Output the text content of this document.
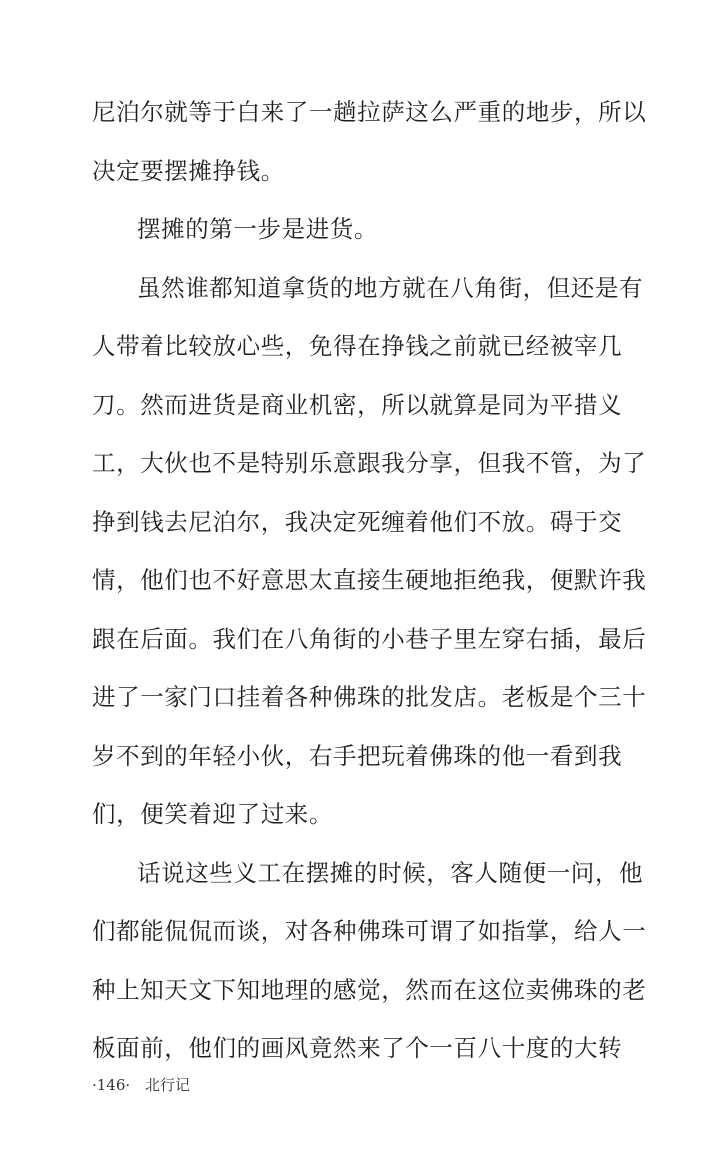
尼泊尔就等于白来了一趟拉萨这么严重的地步，所以
决定要摆摊挣钱。
摆摊的第一步是进货。
虽然谁都知道拿货的地方就在八角街，但还是有
人带着比较放心些，免得在挣钱之前就已经被宰几
刀。然而进货是商业机密，所以就算是同为平措义
工，大伙也不是特别乐意跟我分享，但我不管，为了
挣到钱去尼泊尔，我决定死缠着他们不放。碍于交
情，他们也不好意思太直接生硬地拒绝我，便默许我
跟在后面。我们在八角街的小巷子里左穿右插，最后
进了一家门口挂着各种佛珠的批发店。老板是个三十
岁不到的年轻小伙，右手把玩着佛珠的他一看到我
们，便笑着迎了过来。
话说这些义工在摆摊的时候，客人随便一问，他
们都能侃侃而谈，对各种佛珠可谓了如指掌，给人一
种上知天文下知地理的感觉，然而在这位卖佛珠的老
板面前，他们的画风竟然来了个一百八十度的大转
·146· 北行记
